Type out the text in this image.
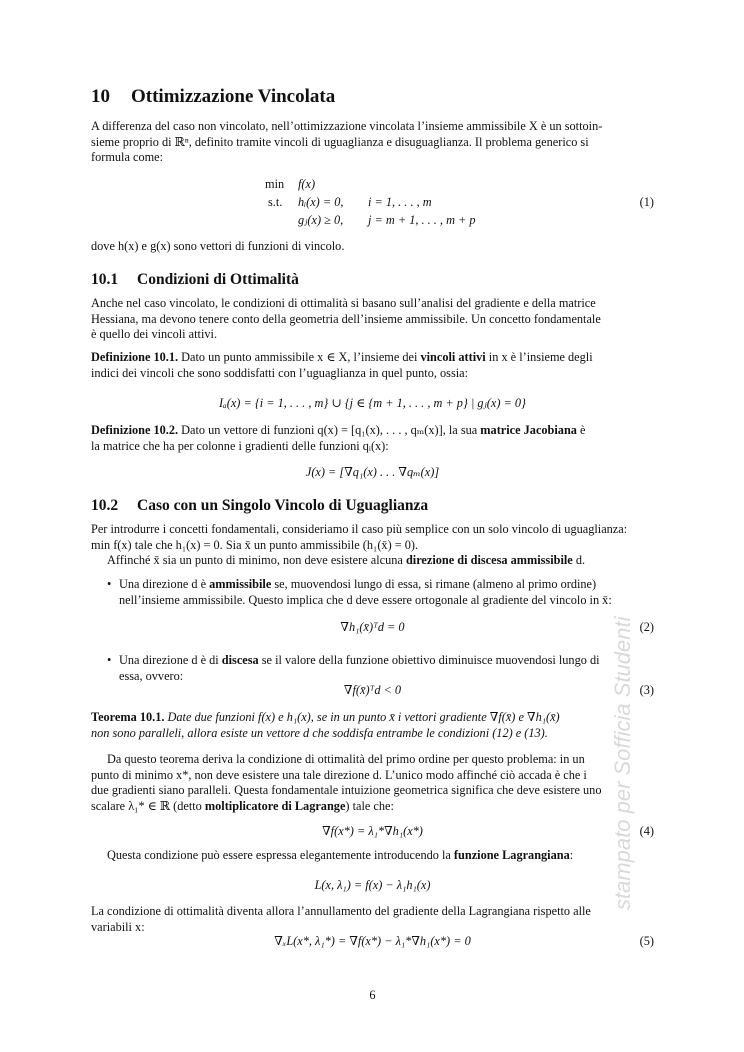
10 Ottimizzazione Vincolata
A differenza del caso non vincolato, nell’ottimizzazione vincolata l’insieme ammissibile X è un sottoin-
sieme proprio di ℝⁿ, definito tramite vincoli di uguaglianza e disuguaglianza. Il problema generico si
formula come:
min f(x)
s.t. hᵢ(x) = 0, i = 1, . . . , m
gⱼ(x) ≥ 0, j = m + 1, . . . , m + p
(1)
dove h(x) e g(x) sono vettori di funzioni di vincolo.
10.1 Condizioni di Ottimalità
Anche nel caso vincolato, le condizioni di ottimalità si basano sull’analisi del gradiente e della matrice
Hessiana, ma devono tenere conto della geometria dell’insieme ammissibile. Un concetto fondamentale
è quello dei vincoli attivi.
Definizione 10.1. Dato un punto ammissibile x ∈ X, l’insieme dei vincoli attivi in x è l’insieme degli
indici dei vincoli che sono soddisfatti con l’uguaglianza in quel punto, ossia:
Iₐ(x) = {i = 1, . . . , m} ∪ {j ∈ {m + 1, . . . , m + p} | gⱼ(x) = 0}
Definizione 10.2. Dato un vettore di funzioni q(x) = [q₁(x), . . . , qₘ(x)], la sua matrice Jacobiana è
la matrice che ha per colonne i gradienti delle funzioni qᵢ(x):
J(x) = [∇q₁(x) . . . ∇qₘ(x)]
10.2 Caso con un Singolo Vincolo di Uguaglianza
Per introdurre i concetti fondamentali, consideriamo il caso più semplice con un solo vincolo di uguaglianza:
min f(x) tale che h₁(x) = 0. Sia x̄ un punto ammissibile (h₁(x̄) = 0).
Affinché x̄ sia un punto di minimo, non deve esistere alcuna direzione di discesa ammissibile d.
• Una direzione d è ammissibile se, muovendosi lungo di essa, si rimane (almeno al primo ordine)
nell’insieme ammissibile. Questo implica che d deve essere ortogonale al gradiente del vincolo in x̄:
∇h₁(x̄)ᵀd = 0	(2)
• Una direzione d è di discesa se il valore della funzione obiettivo diminuisce muovendosi lungo di
essa, ovvero:
∇f(x̄)ᵀd < 0	(3)
Teorema 10.1. Date due funzioni f(x) e h₁(x), se in un punto x̄ i vettori gradiente ∇f(x̄) e ∇h₁(x̄)
non sono paralleli, allora esiste un vettore d che soddisfa entrambe le condizioni (12) e (13).
Da questo teorema deriva la condizione di ottimalità del primo ordine per questo problema: in un
punto di minimo x*, non deve esistere una tale direzione d. L’unico modo affinché ciò accada è che i
due gradienti siano paralleli. Questa fondamentale intuizione geometrica significa che deve esistere uno
scalare λ₁* ∈ ℝ (detto moltiplicatore di Lagrange) tale che:
∇f(x*) = λ₁*∇h₁(x*)	(4)
Questa condizione può essere espressa elegantemente introducendo la funzione Lagrangiana:
L(x, λ₁) = f(x) − λ₁h₁(x)
La condizione di ottimalità diventa allora l’annullamento del gradiente della Lagrangiana rispetto alle
variabili x:
∇ₓL(x*, λ₁*) = ∇f(x*) − λ₁*∇h₁(x*) = 0	(5)
6
stampato per Sofficia Studenti
